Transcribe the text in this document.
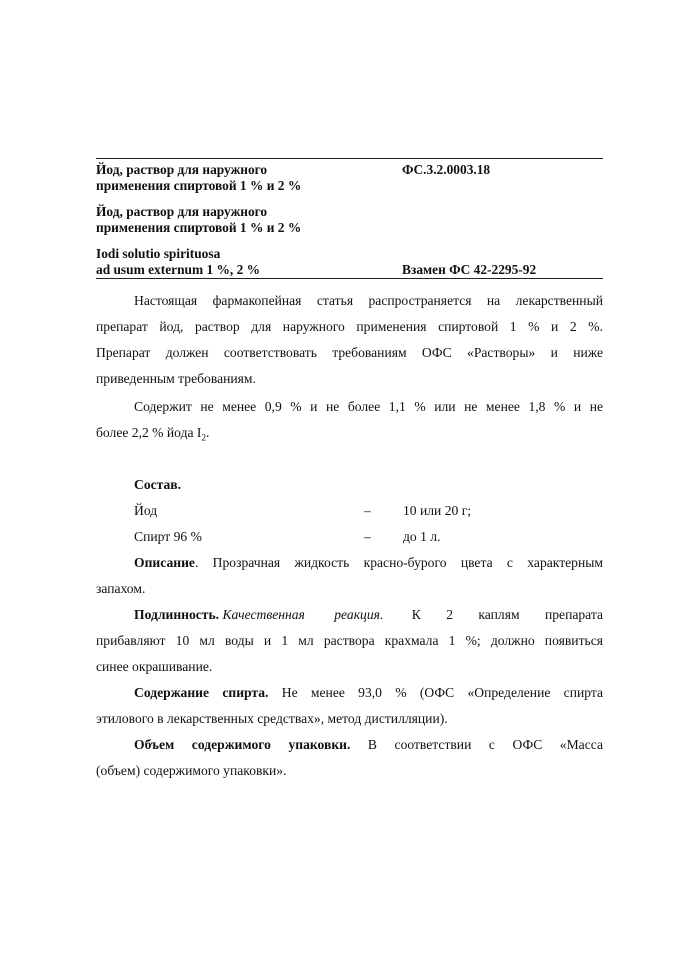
Йод, раствор для наружного
применения спиртовой 1 % и 2 %
ФС.3.2.0003.18
Йод, раствор для наружного
применения спиртовой 1 % и 2 %
Iodi solutio spirituosa
ad usum externum 1 %, 2 %	Взамен ФС 42-2295-92
Настоящая фармакопейная статья распространяется на лекарственный
препарат йод, раствор для наружного применения спиртовой 1 % и 2 %.
Препарат должен соответствовать требованиям ОФС «Растворы» и ниже
приведенным требованиям.
Содержит не менее 0,9 % и не более 1,1 % или не менее 1,8 % и не
более 2,2 % йода $I_2$.
Состав.
Йод	– 10 или 20 г;
Спирт 96 %	– до 1 л.
Описание. Прозрачная жидкость красно-бурого цвета с характерным
запахом.
Подлинность. Качественная реакция. К 2 каплям препарата
прибавляют 10 мл воды и 1 мл раствора крахмала 1 %; должно появиться
синее окрашивание.
Содержание спирта. Не менее 93,0 % (ОФС «Определение спирта
этилового в лекарственных средствах», метод дистилляции).
Объем содержимого упаковки. В соответствии с ОФС «Масса
(объем) содержимого упаковки».
